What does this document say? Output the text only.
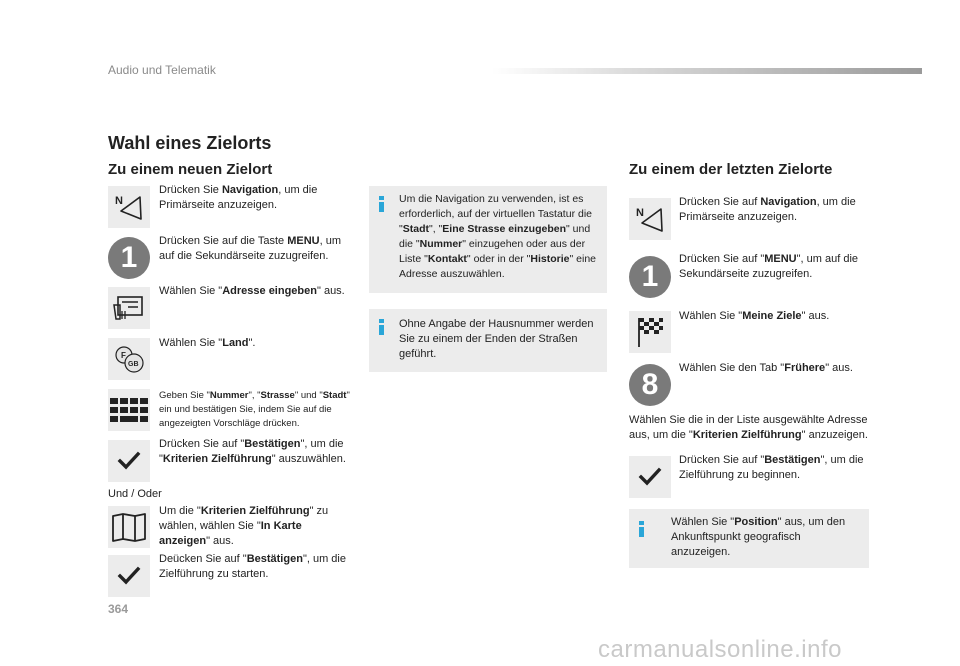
Audio und Telematik
Wahl eines Zielorts
Zu einem neuen Zielort
N
Drücken Sie Navigation, um die Primärseite anzuzeigen.
1	Drücken Sie auf die Taste MENU, um auf die Sekundärseite zuzugreifen.
Wählen Sie "Adresse eingeben" aus.
F
GB
Wählen Sie "Land".
Geben Sie "Nummer", "Strasse" und "Stadt" ein und bestätigen Sie, indem Sie auf die angezeigten Vorschläge drücken.
Drücken Sie auf "Bestätigen", um die "Kriterien Zielführung" auszuwählen.
Und / Oder
Um die "Kriterien Zielführung" zu wählen, wählen Sie "In Karte anzeigen" aus.
Deücken Sie auf "Bestätigen", um die Zielführung zu starten.
Um die Navigation zu verwenden, ist es erforderlich, auf der virtuellen Tastatur die "Stadt", "Eine Strasse einzugeben" und die "Nummer" einzugehen oder aus der Liste "Kontakt" oder in der "Historie" eine Adresse auszuwählen.
Ohne Angabe der Hausnummer werden Sie zu einem der Enden der Straßen geführt.
Zu einem der letzten Zielorte
N
Drücken Sie auf Navigation, um die Primärseite anzuzeigen.
1
Drücken Sie auf "MENU", um auf die Sekundärseite zuzugreifen.
Wählen Sie "Meine Ziele" aus.
8	Wählen Sie den Tab "Frühere" aus.
Wählen Sie die in der Liste ausgewählte Adresse aus, um die "Kriterien Zielführung" anzuzeigen.
Drücken Sie auf "Bestätigen", um die Zielführung zu beginnen.
Wählen Sie "Position" aus, um den Ankunftspunkt geografisch anzuzeigen.
364
carmanualsonline.info
